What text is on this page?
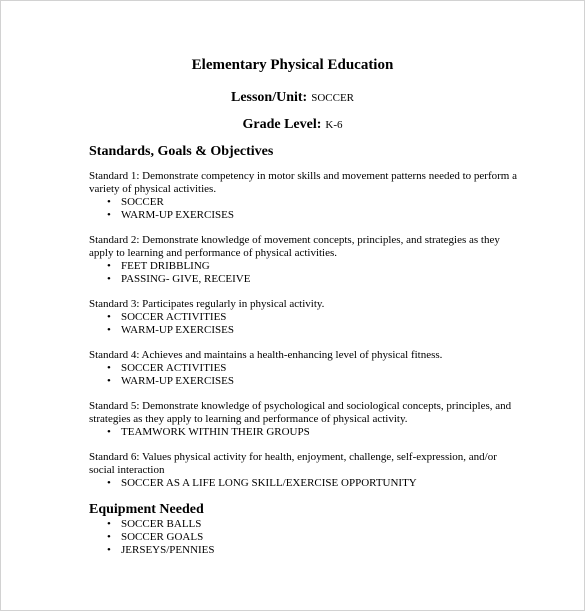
Elementary Physical Education
Lesson/Unit: SOCCER
Grade Level: K-6
Standards, Goals & Objectives

Standard 1: Demonstrate competency in motor skills and movement patterns needed to perform a variety of physical activities.

• SOCCER
• WARM-UP EXERCISES

Standard 2: Demonstrate knowledge of movement concepts, principles, and strategies as they apply to learning and performance of physical activities.

• FEET DRIBBLING
• PASSING- GIVE, RECEIVE

Standard 3: Participates regularly in physical activity.

• SOCCER ACTIVITIES
• WARM-UP EXERCISES

Standard 4: Achieves and maintains a health-enhancing level of physical fitness.

• SOCCER ACTIVITIES
• WARM-UP EXERCISES

Standard 5: Demonstrate knowledge of psychological and sociological concepts, principles, and strategies as they apply to learning and performance of physical activity.

• TEAMWORK WITHIN THEIR GROUPS

Standard 6: Values physical activity for health, enjoyment, challenge, self-expression, and/or social interaction

• SOCCER AS A LIFE LONG SKILL/EXERCISE OPPORTUNITY
Equipment Needed
• SOCCER BALLS
• SOCCER GOALS
• JERSEYS/PENNIES
